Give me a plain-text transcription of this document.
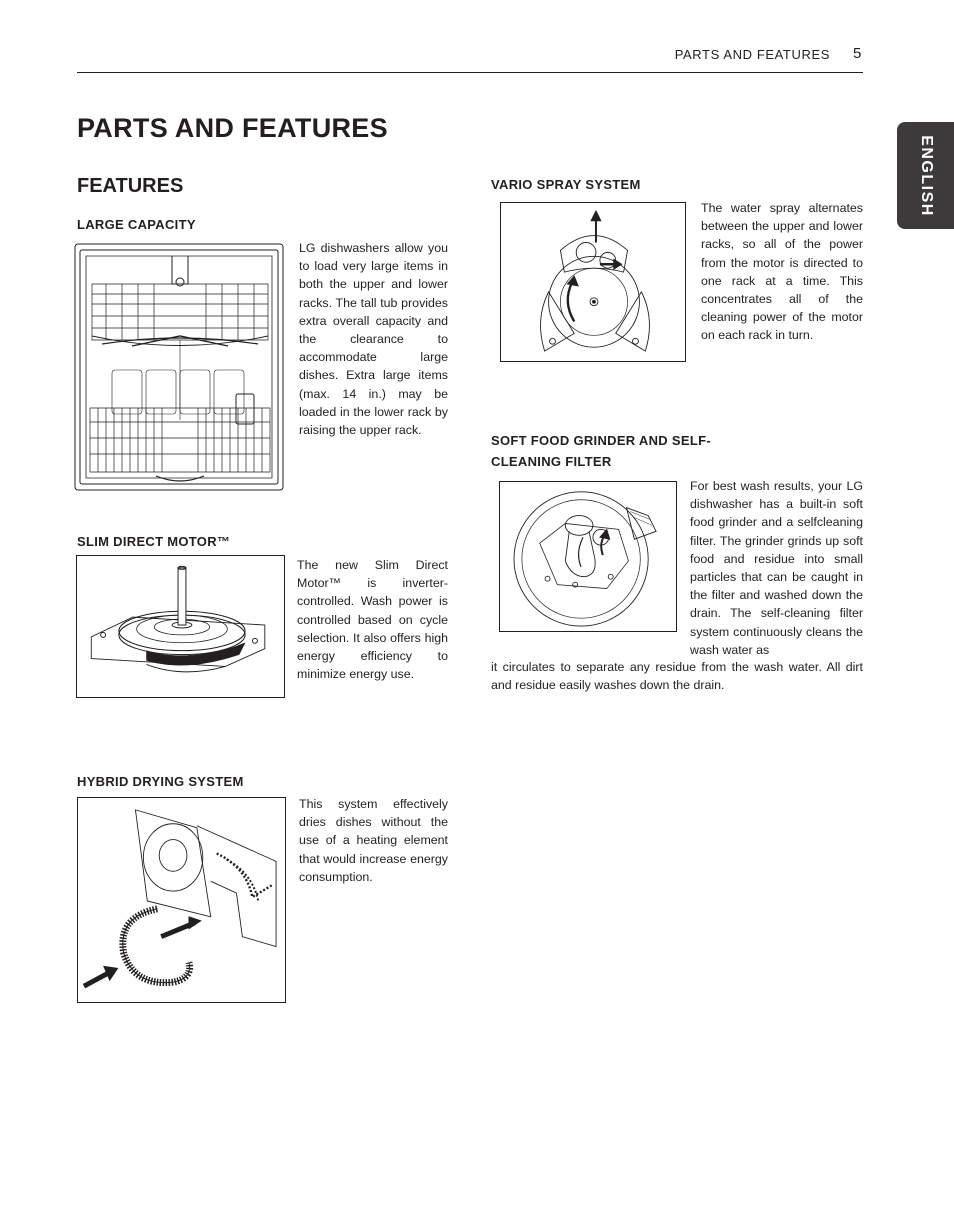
PARTS AND FEATURES 5
ENGLISH
PARTS AND FEATURES
FEATURES
LARGE CAPACITY

LG dishwashers allow you to load very large items in both the upper and lower racks. The tall tub provides extra overall capacity and the clearance to accommodate large dishes. Extra large items (max. 14 in.) may be loaded in the lower rack by raising the upper rack.

SLIM DIRECT MOTOR™

The new Slim Direct Motor™ is inverter-controlled. Wash power is controlled based on cycle selection. It also offers high energy efficiency to minimize energy use.

HYBRID DRYING SYSTEM

This system effectively dries dishes without the use of a heating element that would increase energy consumption.

VARIO SPRAY SYSTEM

The water spray alternates between the upper and lower racks, so all of the power from the motor is directed to one rack at a time. This concentrates all of the cleaning power of the motor on each rack in turn.

SOFT FOOD GRINDER AND SELF-
CLEANING FILTER

For best wash results, your LG dishwasher has a built-in soft food grinder and a selfcleaning filter. The grinder grinds up soft food and residue into small particles that can be caught in the filter and washed down the drain. The self-cleaning filter system continuously cleans the wash water as

it circulates to separate any residue from the wash water. All dirt and residue easily washes down the drain.
